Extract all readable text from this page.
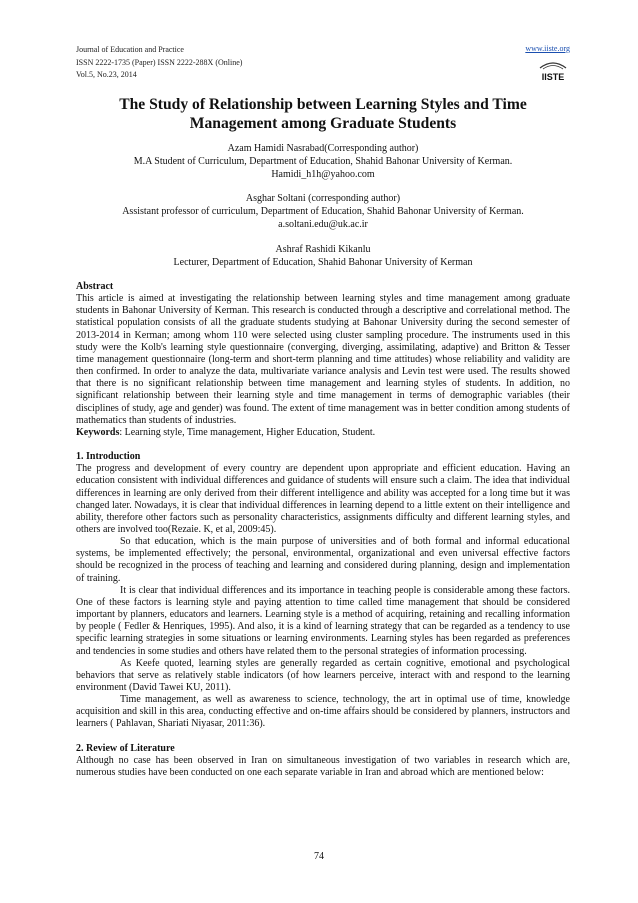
Journal of Education and Practice
ISSN 2222-1735 (Paper) ISSN 2222-288X (Online)
Vol.5, No.23, 2014
www.iiste.org
IISTE
The Study of Relationship between Learning Styles and Time Management among Graduate Students
Azam Hamidi Nasrabad(Corresponding author)
M.A Student of Curriculum, Department of Education, Shahid Bahonar University of Kerman.
Hamidi_h1h@yahoo.com
Asghar Soltani (corresponding author)
Assistant professor of curriculum, Department of Education, Shahid Bahonar University of Kerman.
a.soltani.edu@uk.ac.ir
Ashraf Rashidi Kikanlu
Lecturer, Department of Education, Shahid Bahonar University of Kerman

Abstract

This article is aimed at investigating the relationship between learning styles and time management among graduate students in Bahonar University of Kerman. This research is conducted through a descriptive and correlational method. The statistical population consists of all the graduate students studying at Bahonar University during the second semester of 2013-2014 in Kerman; among whom 110 were selected using cluster sampling procedure. The instruments used in this study were the Kolb's learning style questionnaire (converging, diverging, assimilating, adaptive) and Britton & Tesser time management questionnaire (long-term and short-term planning and time attitudes) whose reliability and validity are then confirmed. In order to analyze the data, multivariate variance analysis and Levin test were used. The results showed that there is no significant relationship between time management and learning styles of students. In addition, no significant relationship between their learning style and time management in terms of demographic variables (their disciplines of study, age and gender) was found. The extent of time management was in better condition among students of mathematics than students of industries.

Keywords: Learning style, Time management, Higher Education, Student.

1. Introduction

The progress and development of every country are dependent upon appropriate and efficient education. Having an education consistent with individual differences and guidance of students will ensure such a claim. The idea that individual differences in learning are only derived from their different intelligence and ability was accepted for a long time but it was changed later. Nowadays, it is clear that individual differences in learning depend to a little extent on their intelligence and ability, therefore other factors such as personality characteristics, assignments difficulty and different learning styles, and others are involved too(Rezaie. K, et al, 2009:45).

So that education, which is the main purpose of universities and of both formal and informal educational systems, be implemented effectively; the personal, environmental, organizational and even universal effective factors should be recognized in the process of teaching and learning and considered during planning, design and implementation of training.

It is clear that individual differences and its importance in teaching people is considerable among these factors. One of these factors is learning style and paying attention to time called time management that should be considered important by planners, educators and learners. Learning style is a method of acquiring, retaining and recalling information by people ( Fedler & Henriques, 1995). And also, it is a kind of learning strategy that can be regarded as a tendency to use specific learning strategies in some situations or learning environments. Learning styles has been regarded as preferences and tendencies in some studies and others have related them to the personal strategies of information processing.

As Keefe quoted, learning styles are generally regarded as certain cognitive, emotional and psychological behaviors that serve as relatively stable indicators (of how learners perceive, interact with and respond to the learning environment (David Tawei KU, 2011).

Time management, as well as awareness to science, technology, the art in optimal use of time, knowledge acquisition and skill in this area, conducting effective and on-time affairs should be considered by planners, instructors and learners ( Pahlavan, Shariati Niyasar, 2011:36).

2. Review of Literature

Although no case has been observed in Iran on simultaneous investigation of two variables in research which are, numerous studies have been conducted on one each separate variable in Iran and abroad which are mentioned below:

74
